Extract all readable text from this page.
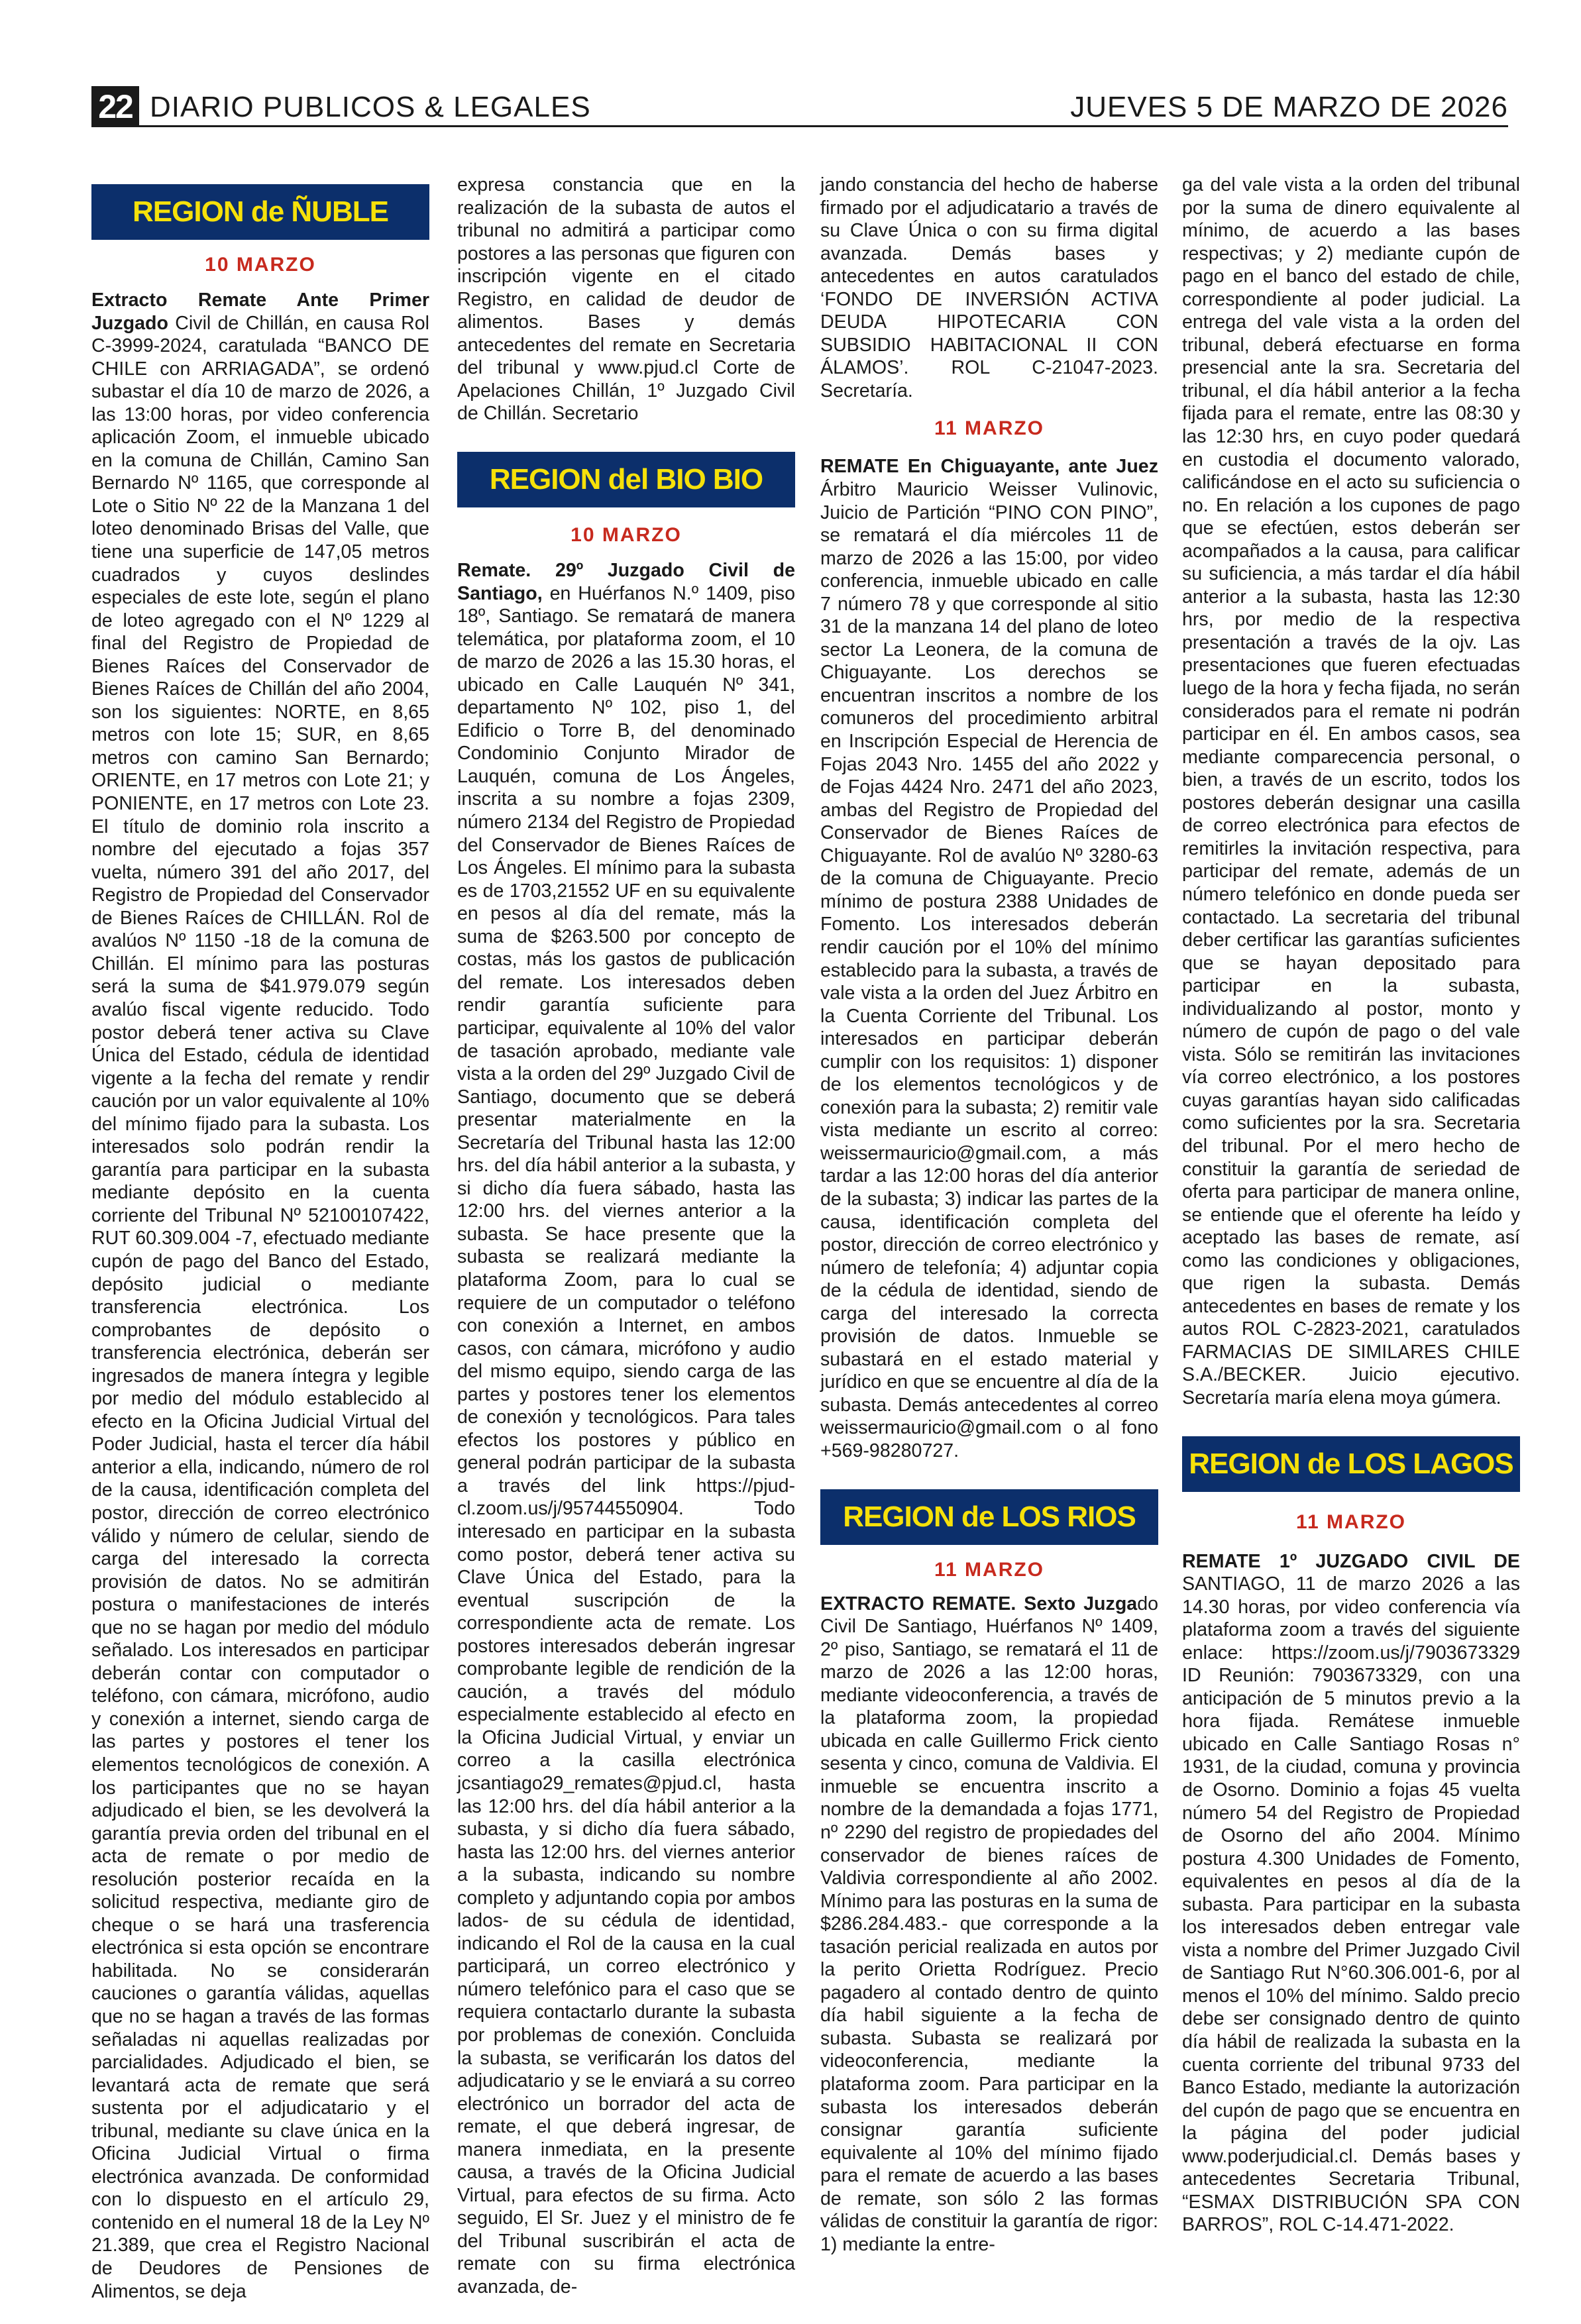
22 DIARIO PUBLICOS & LEGALES	JUEVES 5 DE MARZO DE 2026
REGION de ÑUBLE
10 MARZO

Extracto Remate Ante Primer Juzgado Civil de Chillán, en causa Rol C-3999-2024, caratulada “BANCO DE CHILE con ARRIAGADA”, se ordenó subastar el día 10 de marzo de 2026, a las 13:00 horas, por video conferencia aplicación Zoom, el inmueble ubicado en la comuna de Chillán, Camino San Bernardo Nº 1165, que corresponde al Lote o Sitio Nº 22 de la Manzana 1 del loteo denominado Brisas del Valle, que tiene una superficie de 147,05 metros cuadrados y cuyos deslindes especiales de este lote, según el plano de loteo agregado con el Nº 1229 al final del Registro de Propiedad de Bienes Raíces del Conservador de Bienes Raíces de Chillán del año 2004, son los siguientes: NORTE, en 8,65 metros con lote 15; SUR, en 8,65 metros con camino San Bernardo; ORIENTE, en 17 metros con Lote 21; y PONIENTE, en 17 metros con Lote 23. El título de dominio rola inscrito a nombre del ejecutado a fojas 357 vuelta, número 391 del año 2017, del Registro de Propiedad del Conservador de Bienes Raíces de CHILLÁN. Rol de avalúos Nº 1150 -18 de la comuna de Chillán. El mínimo para las posturas será la suma de $41.979.079 según avalúo fiscal vigente reducido. Todo postor deberá tener activa su Clave Única del Estado, cédula de identidad vigente a la fecha del remate y rendir caución por un valor equivalente al 10% del mínimo fijado para la subasta. Los interesados solo podrán rendir la garantía para participar en la subasta mediante depósito en la cuenta corriente del Tribunal Nº 52100107422, RUT 60.309.004 -7, efectuado mediante cupón de pago del Banco del Estado, depósito judicial o mediante transferencia electrónica. Los comprobantes de depósito o transferencia electrónica, deberán ser ingresados de manera íntegra y legible por medio del módulo establecido al efecto en la Oficina Judicial Virtual del Poder Judicial, hasta el tercer día hábil anterior a ella, indicando, número de rol de la causa, identificación completa del postor, dirección de correo electrónico válido y número de celular, siendo de carga del interesado la correcta provisión de datos. No se admitirán postura o manifestaciones de interés que no se hagan por medio del módulo señalado. Los interesados en participar deberán contar con computador o teléfono, con cámara, micrófono, audio y conexión a internet, siendo carga de las partes y postores el tener los elementos tecnológicos de conexión. A los participantes que no se hayan adjudicado el bien, se les devolverá la garantía previa orden del tribunal en el acta de remate o por medio de resolución posterior recaída en la solicitud respectiva, mediante giro de cheque o se hará una trasferencia electrónica si esta opción se encontrare habilitada. No se considerarán cauciones o garantía válidas, aquellas que no se hagan a través de las formas señaladas ni aquellas realizadas por parcialidades. Adjudicado el bien, se levantará acta de remate que será sustenta por el adjudicatario y el tribunal, mediante su clave única en la Oficina Judicial Virtual o firma electrónica avanzada. De conformidad con lo dispuesto en el artículo 29, contenido en el numeral 18 de la Ley Nº 21.389, que crea el Registro Nacional de Deudores de Pensiones de Alimentos, se deja

expresa constancia que en la realización de la subasta de autos el tribunal no admitirá a participar como postores a las personas que figuren con inscripción vigente en el citado Registro, en calidad de deudor de alimentos. Bases y demás antecedentes del remate en Secretaria del tribunal y www.pjud.cl Corte de Apelaciones Chillán, 1º Juzgado Civil de Chillán. Secretario

REGION del BIO BIO
10 MARZO

Remate. 29º Juzgado Civil de Santiago, en Huérfanos N.º 1409, piso 18º, Santiago. Se rematará de manera telemática, por plataforma zoom, el 10 de marzo de 2026 a las 15.30 horas, el ubicado en Calle Lauquén Nº 341, departamento Nº 102, piso 1, del Edificio o Torre B, del denominado Condominio Conjunto Mirador de Lauquén, comuna de Los Ángeles, inscrita a su nombre a fojas 2309, número 2134 del Registro de Propiedad del Conservador de Bienes Raíces de Los Ángeles. El mínimo para la subasta es de 1703,21552 UF en su equivalente en pesos al día del remate, más la suma de $263.500 por concepto de costas, más los gastos de publicación del remate. Los interesados deben rendir garantía suficiente para participar, equivalente al 10% del valor de tasación aprobado, mediante vale vista a la orden del 29º Juzgado Civil de Santiago, documento que se deberá presentar materialmente en la Secretaría del Tribunal hasta las 12:00 hrs. del día hábil anterior a la subasta, y si dicho día fuera sábado, hasta las 12:00 hrs. del viernes anterior a la subasta. Se hace presente que la subasta se realizará mediante la plataforma Zoom, para lo cual se requiere de un computador o teléfono con conexión a Internet, en ambos casos, con cámara, micrófono y audio del mismo equipo, siendo carga de las partes y postores tener los elementos de conexión y tecnológicos. Para tales efectos los postores y público en general podrán participar de la subasta a través del link https://pjud-cl.zoom.us/j/95744550904. Todo interesado en participar en la subasta como postor, deberá tener activa su Clave Única del Estado, para la eventual suscripción de la correspondiente acta de remate. Los postores interesados deberán ingresar comprobante legible de rendición de la caución, a través del módulo especialmente establecido al efecto en la Oficina Judicial Virtual, y enviar un correo a la casilla electrónica jcsantiago29_remates@pjud.cl, hasta las 12:00 hrs. del día hábil anterior a la subasta, y si dicho día fuera sábado, hasta las 12:00 hrs. del viernes anterior a la subasta, indicando su nombre completo y adjuntando copia por ambos lados- de su cédula de identidad, indicando el Rol de la causa en la cual participará, un correo electrónico y número telefónico para el caso que se requiera contactarlo durante la subasta por problemas de conexión. Concluida la subasta, se verificarán los datos del adjudicatario y se le enviará a su correo electrónico un borrador del acta de remate, el que deberá ingresar, de manera inmediata, en la presente causa, a través de la Oficina Judicial Virtual, para efectos de su firma. Acto seguido, El Sr. Juez y el ministro de fe del Tribunal suscribirán el acta de remate con su firma electrónica avanzada, de-

jando constancia del hecho de haberse firmado por el adjudicatario a través de su Clave Única o con su firma digital avanzada. Demás bases y antecedentes en autos caratulados ‘FONDO DE INVERSIÓN ACTIVA DEUDA HIPOTECARIA CON SUBSIDIO HABITACIONAL II CON ÁLAMOS’. ROL C-21047-2023. Secretaría.

11 MARZO

REMATE En Chiguayante, ante Juez Árbitro Mauricio Weisser Vulinovic, Juicio de Partición “PINO CON PINO”, se rematará el día miércoles 11 de marzo de 2026 a las 15:00, por video conferencia, inmueble ubicado en calle 7 número 78 y que corresponde al sitio 31 de la manzana 14 del plano de loteo sector La Leonera, de la comuna de Chiguayante. Los derechos se encuentran inscritos a nombre de los comuneros del procedimiento arbitral en Inscripción Especial de Herencia de Fojas 2043 Nro. 1455 del año 2022 y de Fojas 4424 Nro. 2471 del año 2023, ambas del Registro de Propiedad del Conservador de Bienes Raíces de Chiguayante. Rol de avalúo Nº 3280-63 de la comuna de Chiguayante. Precio mínimo de postura 2388 Unidades de Fomento. Los interesados deberán rendir caución por el 10% del mínimo establecido para la subasta, a través de vale vista a la orden del Juez Árbitro en la Cuenta Corriente del Tribunal. Los interesados en participar deberán cumplir con los requisitos: 1) disponer de los elementos tecnológicos y de conexión para la subasta; 2) remitir vale vista mediante un escrito al correo: weissermauricio@gmail.com, a más tardar a las 12:00 horas del día anterior de la subasta; 3) indicar las partes de la causa, identificación completa del postor, dirección de correo electrónico y número de telefonía; 4) adjuntar copia de la cédula de identidad, siendo de carga del interesado la correcta provisión de datos. Inmueble se subastará en el estado material y jurídico en que se encuentre al día de la subasta. Demás antecedentes al correo weissermauricio@gmail.com o al fono +569-98280727.

REGION de LOS RIOS
11 MARZO

EXTRACTO REMATE. Sexto Juzgado Civil De Santiago, Huérfanos Nº 1409, 2º piso, Santiago, se rematará el 11 de marzo de 2026 a las 12:00 horas, mediante videoconferencia, a través de la plataforma zoom, la propiedad ubicada en calle Guillermo Frick ciento sesenta y cinco, comuna de Valdivia. El inmueble se encuentra inscrito a nombre de la demandada a fojas 1771, nº 2290 del registro de propiedades del conservador de bienes raíces de Valdivia correspondiente al año 2002. Mínimo para las posturas en la suma de $286.284.483.- que corresponde a la tasación pericial realizada en autos por la perito Orietta Rodríguez. Precio pagadero al contado dentro de quinto día habil siguiente a la fecha de subasta. Subasta se realizará por videoconferencia, mediante la plataforma zoom. Para participar en la subasta los interesados deberán consignar garantía suficiente equivalente al 10% del mínimo fijado para el remate de acuerdo a las bases de remate, son sólo 2 las formas válidas de constituir la garantía de rigor: 1) mediante la entre-

ga del vale vista a la orden del tribunal por la suma de dinero equivalente al mínimo, de acuerdo a las bases respectivas; y 2) mediante cupón de pago en el banco del estado de chile, correspondiente al poder judicial. La entrega del vale vista a la orden del tribunal, deberá efectuarse en forma presencial ante la sra. Secretaria del tribunal, el día hábil anterior a la fecha fijada para el remate, entre las 08:30 y las 12:30 hrs, en cuyo poder quedará en custodia el documento valorado, calificándose en el acto su suficiencia o no. En relación a los cupones de pago que se efectúen, estos deberán ser acompañados a la causa, para calificar su suficiencia, a más tardar el día hábil anterior a la subasta, hasta las 12:30 hrs, por medio de la respectiva presentación a través de la ojv. Las presentaciones que fueren efectuadas luego de la hora y fecha fijada, no serán considerados para el remate ni podrán participar en él. En ambos casos, sea mediante comparecencia personal, o bien, a través de un escrito, todos los postores deberán designar una casilla de correo electrónica para efectos de remitirles la invitación respectiva, para participar del remate, además de un número telefónico en donde pueda ser contactado. La secretaria del tribunal deber certificar las garantías suficientes que se hayan depositado para participar en la subasta, individualizando al postor, monto y número de cupón de pago o del vale vista. Sólo se remitirán las invitaciones vía correo electrónico, a los postores cuyas garantías hayan sido calificadas como suficientes por la sra. Secretaria del tribunal. Por el mero hecho de constituir la garantía de seriedad de oferta para participar de manera online, se entiende que el oferente ha leído y aceptado las bases de remate, así como las condiciones y obligaciones, que rigen la subasta. Demás antecedentes en bases de remate y los autos ROL C-2823-2021, caratulados FARMACIAS DE SIMILARES CHILE S.A./BECKER. Juicio ejecutivo. Secretaría maría elena moya gúmera.

REGION de LOS LAGOS
11 MARZO

REMATE 1º JUZGADO CIVIL DE SANTIAGO, 11 de marzo 2026 a las 14.30 horas, por video conferencia vía plataforma zoom a través del siguiente enlace: https://zoom.us/j/7903673329 ID Reunión: 7903673329, con una anticipación de 5 minutos previo a la hora fijada. Remátese inmueble ubicado en Calle Santiago Rosas n° 1931, de la ciudad, comuna y provincia de Osorno. Dominio a fojas 45 vuelta número 54 del Registro de Propiedad de Osorno del año 2004. Mínimo postura 4.300 Unidades de Fomento, equivalentes en pesos al día de la subasta. Para participar en la subasta los interesados deben entregar vale vista a nombre del Primer Juzgado Civil de Santiago Rut N°60.306.001-6, por al menos el 10% del mínimo. Saldo precio debe ser consignado dentro de quinto día hábil de realizada la subasta en la cuenta corriente del tribunal 9733 del Banco Estado, mediante la autorización del cupón de pago que se encuentra en la página del poder judicial www.poderjudicial.cl. Demás bases y antecedentes Secretaria Tribunal, “ESMAX DISTRIBUCIÓN SPA CON BARROS”, ROL C-14.471-2022.
